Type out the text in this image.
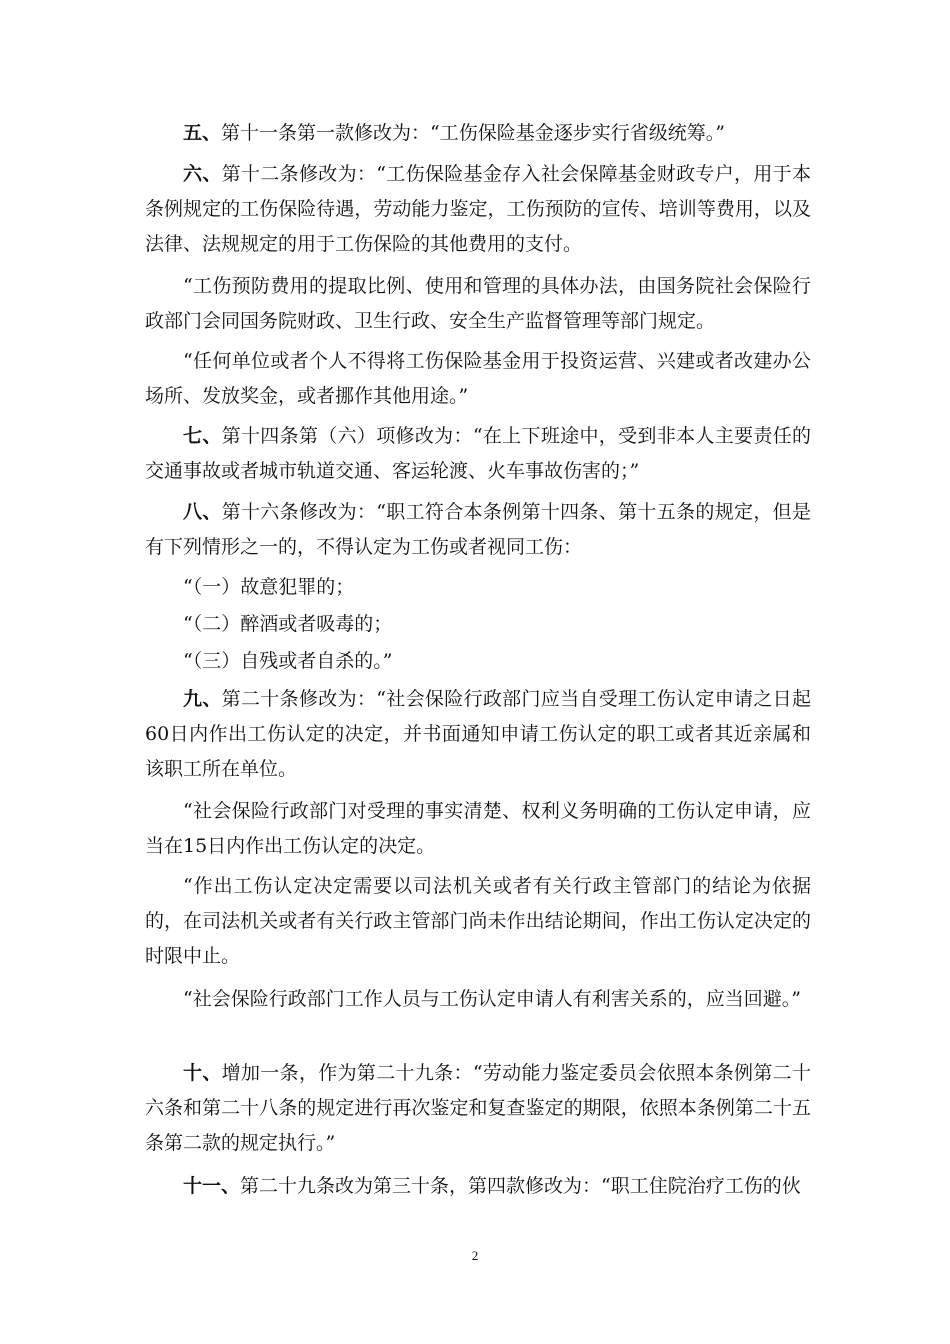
五、第十一条第一款修改为：“工伤保险基金逐步实行省级统筹。”

六、第十二条修改为：“工伤保险基金存入社会保障基金财政专户，用于本条例规定的工伤保险待遇，劳动能力鉴定，工伤预防的宣传、培训等费用，以及法律、法规规定的用于工伤保险的其他费用的支付。

“工伤预防费用的提取比例、使用和管理的具体办法，由国务院社会保险行政部门会同国务院财政、卫生行政、安全生产监督管理等部门规定。

“任何单位或者个人不得将工伤保险基金用于投资运营、兴建或者改建办公场所、发放奖金，或者挪作其他用途。”

七、第十四条第（六）项修改为：“在上下班途中，受到非本人主要责任的交通事故或者城市轨道交通、客运轮渡、火车事故伤害的；”

八、第十六条修改为：“职工符合本条例第十四条、第十五条的规定，但是有下列情形之一的，不得认定为工伤或者视同工伤：

“（一）故意犯罪的；

“（二）醉酒或者吸毒的；

“（三）自残或者自杀的。”

九、第二十条修改为：“社会保险行政部门应当自受理工伤认定申请之日起60日内作出工伤认定的决定，并书面通知申请工伤认定的职工或者其近亲属和该职工所在单位。

“社会保险行政部门对受理的事实清楚、权利义务明确的工伤认定申请，应当在15日内作出工伤认定的决定。

“作出工伤认定决定需要以司法机关或者有关行政主管部门的结论为依据的，在司法机关或者有关行政主管部门尚未作出结论期间，作出工伤认定决定的时限中止。

“社会保险行政部门工作人员与工伤认定申请人有利害关系的，应当回避。”

十、增加一条，作为第二十九条：“劳动能力鉴定委员会依照本条例第二十六条和第二十八条的规定进行再次鉴定和复查鉴定的期限，依照本条例第二十五条第二款的规定执行。”

十一、第二十九条改为第三十条，第四款修改为：“职工住院治疗工伤的伙

2
